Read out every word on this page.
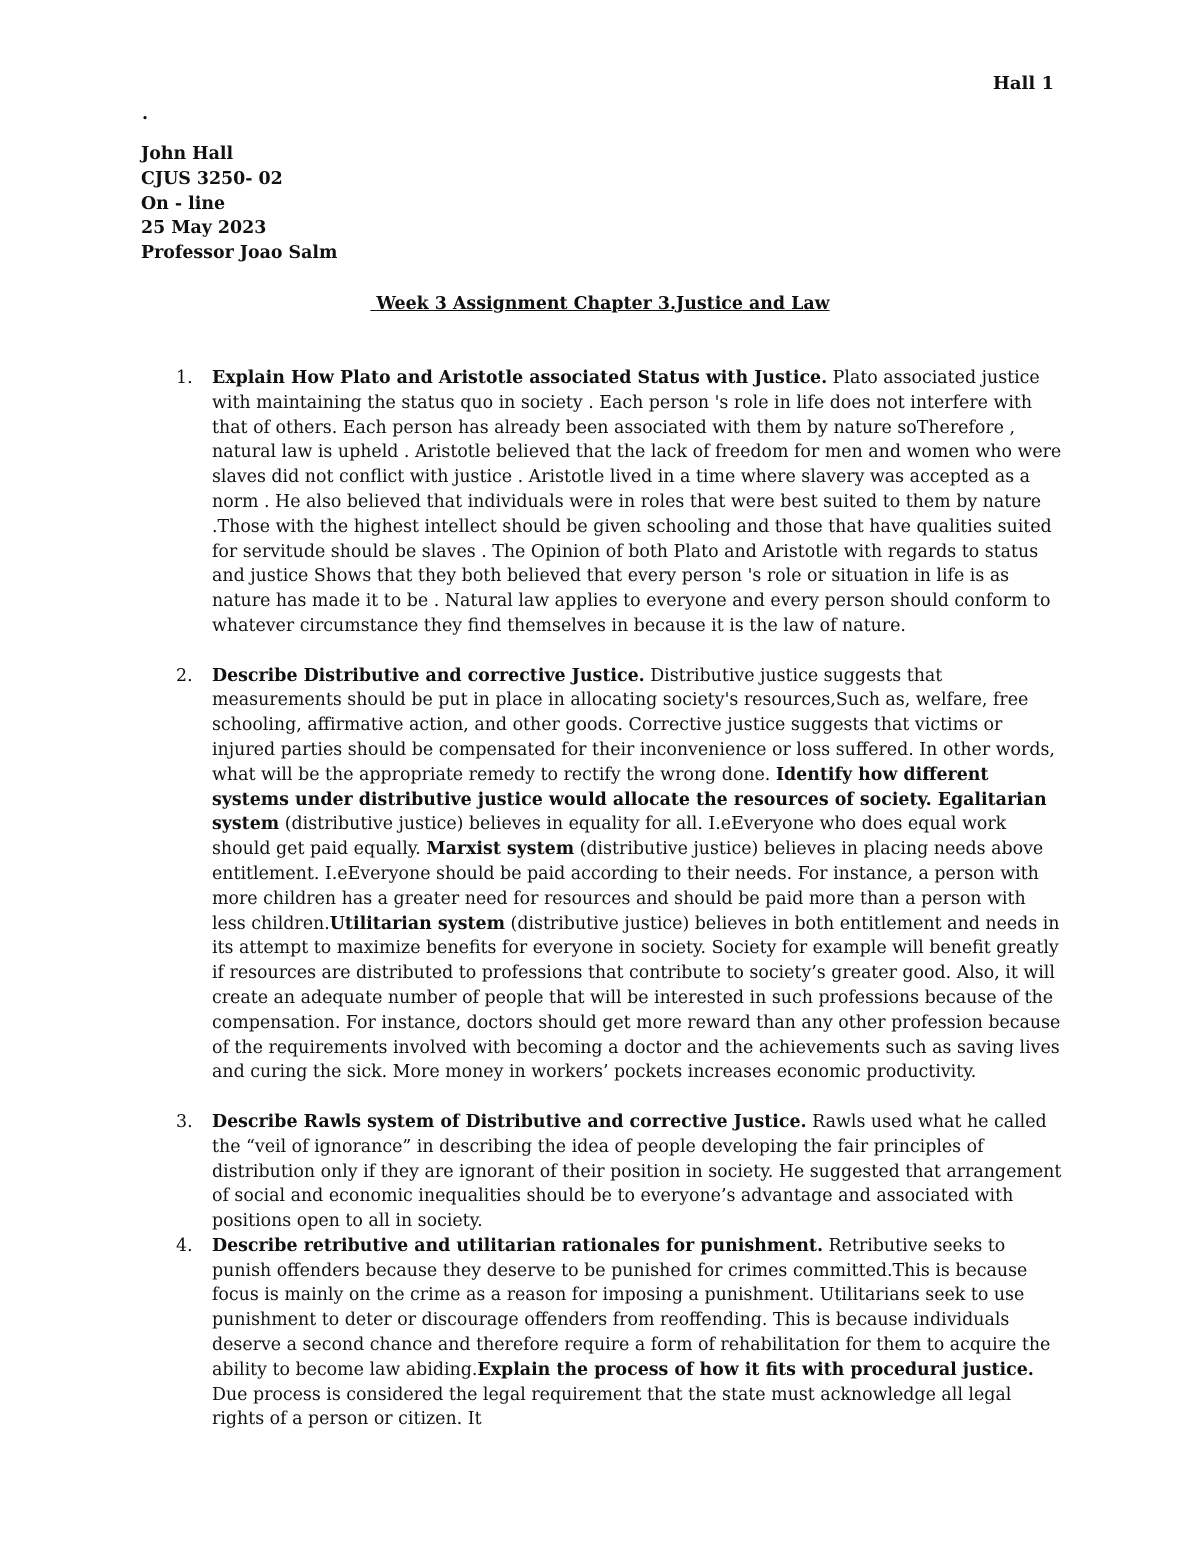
Hall 1
.
John Hall
CJUS 3250- 02
On - line
25 May 2023
Professor Joao Salm
Week 3 Assignment Chapter 3.Justice and Law
1. Explain How Plato and Aristotle associated Status with Justice. Plato associated justice with maintaining the status quo in society . Each person 's role in life does not interfere with that of others. Each person has already been associated with them by nature soTherefore , natural law is upheld . Aristotle believed that the lack of freedom for men and women who were slaves did not conflict with justice . Aristotle lived in a time where slavery was accepted as a norm . He also believed that individuals were in roles that were best suited to them by nature .Those with the highest intellect should be given schooling and those that have qualities suited for servitude should be slaves . The Opinion of both Plato and Aristotle with regards to status and justice Shows that they both believed that every person 's role or situation in life is as nature has made it to be . Natural law applies to everyone and every person should conform to whatever circumstance they find themselves in because it is the law of nature.

2. Describe Distributive and corrective Justice. Distributive justice suggests that measurements should be put in place in allocating society's resources,Such as, welfare, free schooling, affirmative action, and other goods. Corrective justice suggests that victims or injured parties should be compensated for their inconvenience or loss suffered. In other words, what will be the appropriate remedy to rectify the wrong done. Identify how different systems under distributive justice would allocate the resources of society. Egalitarian system (distributive justice) believes in equality for all. I.eEveryone who does equal work should get paid equally. Marxist system (distributive justice) believes in placing needs above entitlement. I.eEveryone should be paid according to their needs. For instance, a person with more children has a greater need for resources and should be paid more than a person with less children.Utilitarian system (distributive justice) believes in both entitlement and needs in its attempt to maximize benefits for everyone in society. Society for example will benefit greatly if resources are distributed to professions that contribute to society’s greater good. Also, it will create an adequate number of people that will be interested in such professions because of the compensation. For instance, doctors should get more reward than any other profession because of the requirements involved with becoming a doctor and the achievements such as saving lives and curing the sick. More money in workers’ pockets increases economic productivity.

3. Describe Rawls system of Distributive and corrective Justice. Rawls used what he called the “veil of ignorance” in describing the idea of people developing the fair principles of distribution only if they are ignorant of their position in society. He suggested that arrangement of social and economic inequalities should be to everyone’s advantage and associated with positions open to all in society.

4. Describe retributive and utilitarian rationales for punishment. Retributive seeks to punish offenders because they deserve to be punished for crimes committed.This is because focus is mainly on the crime as a reason for imposing a punishment. Utilitarians seek to use punishment to deter or discourage offenders from reoffending. This is because individuals deserve a second chance and therefore require a form of rehabilitation for them to acquire the ability to become law abiding.Explain the process of how it fits with procedural justice. Due process is considered the legal requirement that the state must acknowledge all legal rights of a person or citizen. It
